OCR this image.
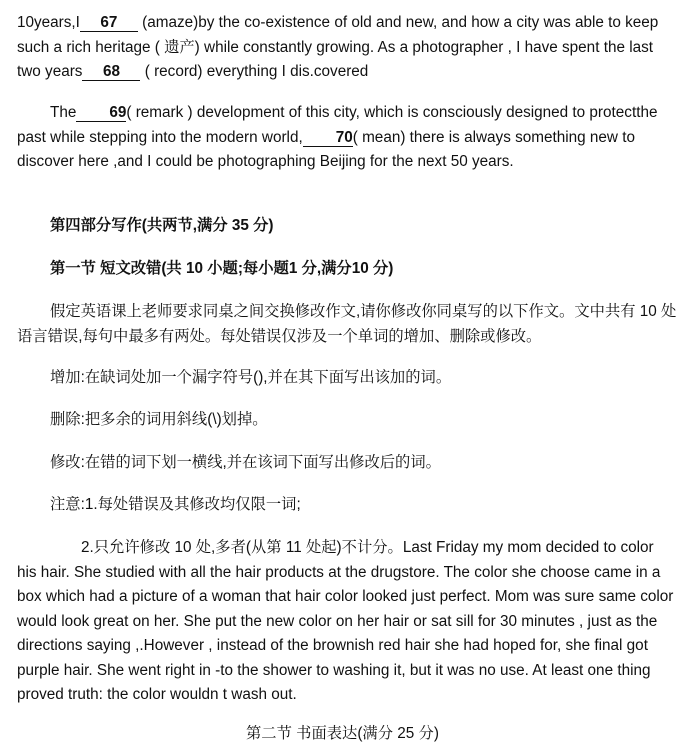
10years,I 67 (amaze)by the co-existence of old and new, and how a city was able to keep such a rich heritage ( 遗产) while constantly growing. As a photographer , I have spent the last two years 68 ( record) everything I dis.covered

The 69( remark ) development of this city, which is consciously designed to protectthe past while stepping into the modern world, 70( mean) there is always something new to discover here ,and I could be photographing Beijing for the next 50 years.

第四部分写作(共两节,满分 35 分)
第一节 短文改错(共 10 小题;每小题1 分,满分10 分)

假定英语课上老师要求同桌之间交换修改作文,请你修改你同桌写的以下作文。文中共有 10 处语言错误,每句中最多有两处。每处错误仅涉及一个单词的增加、删除或修改。

增加:在缺词处加一个漏字符号(),并在其下面写出该加的词。
删除:把多余的词用斜线(\)划掉。
修改:在错的词下划一横线,并在该词下面写出修改后的词。
注意:1.每处错误及其修改均仅限一词;

2.只允许修改 10 处,多者(从第 11 处起)不计分。Last Friday my mom decided to color his hair. She studied with all the hair products at the drugstore. The color she choose came in a box which had a picture of a woman that hair color looked just perfect. Mom was sure same color would look great on her. She put the new color on her hair or sat sill for 30 minutes , just as the directions saying ,.However , instead of the brownish red hair she had hoped for, she final got purple hair. She went right in -to the shower to washing it, but it was no use. At least one thing proved truth: the color wouldn t wash out.

第二节 书面表达(满分 25 分)
